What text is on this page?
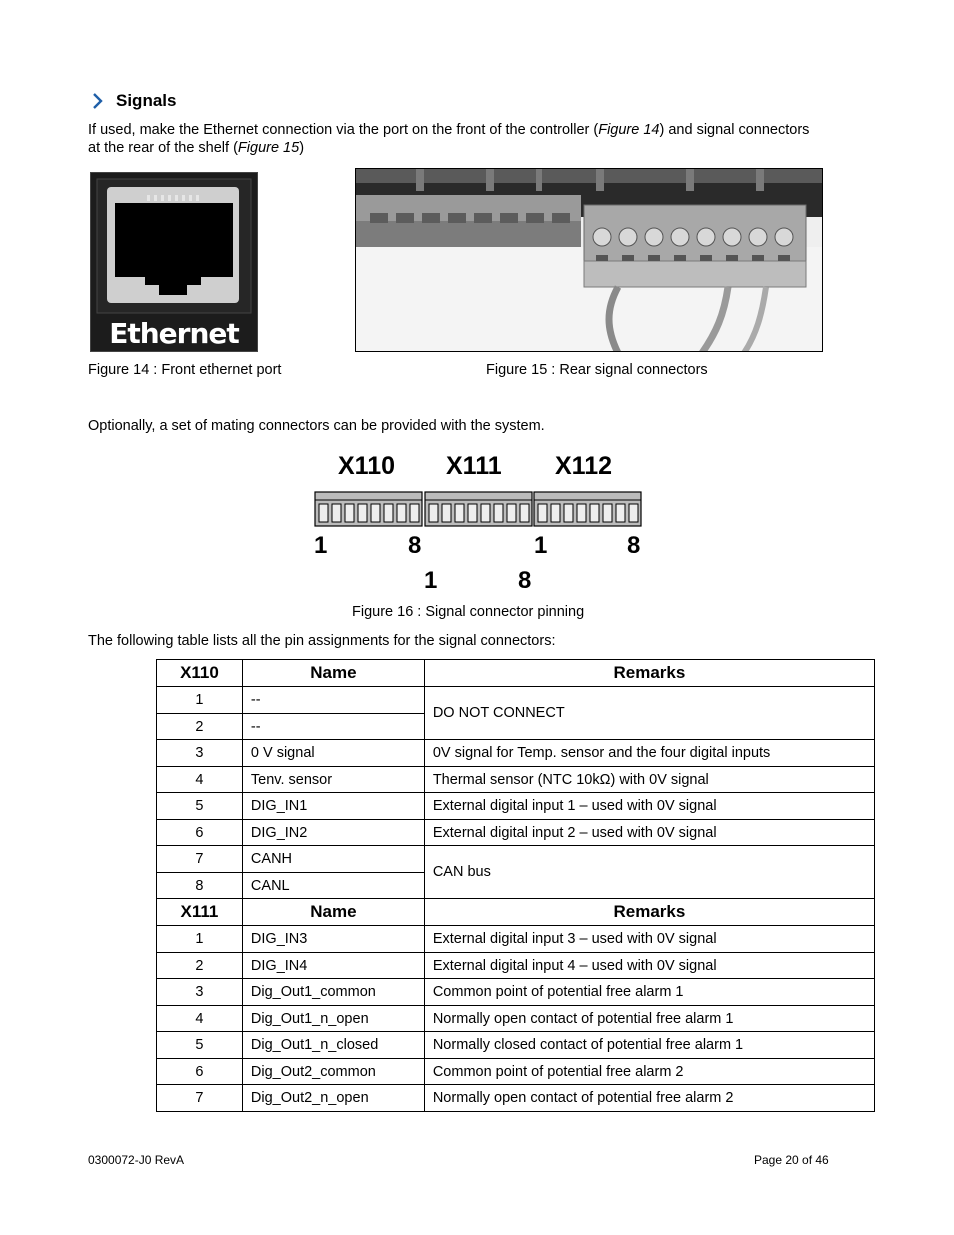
Signals
If used, make the Ethernet connection via the port on the front of the controller (Figure 14) and signal connectors
at the rear of the shelf (Figure 15)
Ethernet
Figure 14 : Front ethernet port	Figure 15 : Rear signal connectors
Optionally, a set of mating connectors can be provided with the system.
X110 X111 X112
1	8	1	8
1	8
Figure 16 : Signal connector pinning
The following table lists all the pin assignments for the signal connectors:
X110	Name	Remarks
1	--	DO NOT CONNECT
2	--	
3	0 V signal	0V signal for Temp. sensor and the four digital inputs
4	Tenv. sensor	Thermal sensor (NTC 10kΩ) with 0V signal
5	DIG_IN1	External digital input 1 – used with 0V signal
6	DIG_IN2	External digital input 2 – used with 0V signal
7	CANH	CAN bus
8	CANL	
X111	Name	Remarks
1	DIG_IN3	External digital input 3 – used with 0V signal
2	DIG_IN4	External digital input 4 – used with 0V signal
3	Dig_Out1_common	Common point of potential free alarm 1
4	Dig_Out1_n_open	Normally open contact of potential free alarm 1
5	Dig_Out1_n_closed	Normally closed contact of potential free alarm 1
6	Dig_Out2_common	Common point of potential free alarm 2
7	Dig_Out2_n_open	Normally open contact of potential free alarm 2
0300072-J0 RevA	Page 20 of 46
